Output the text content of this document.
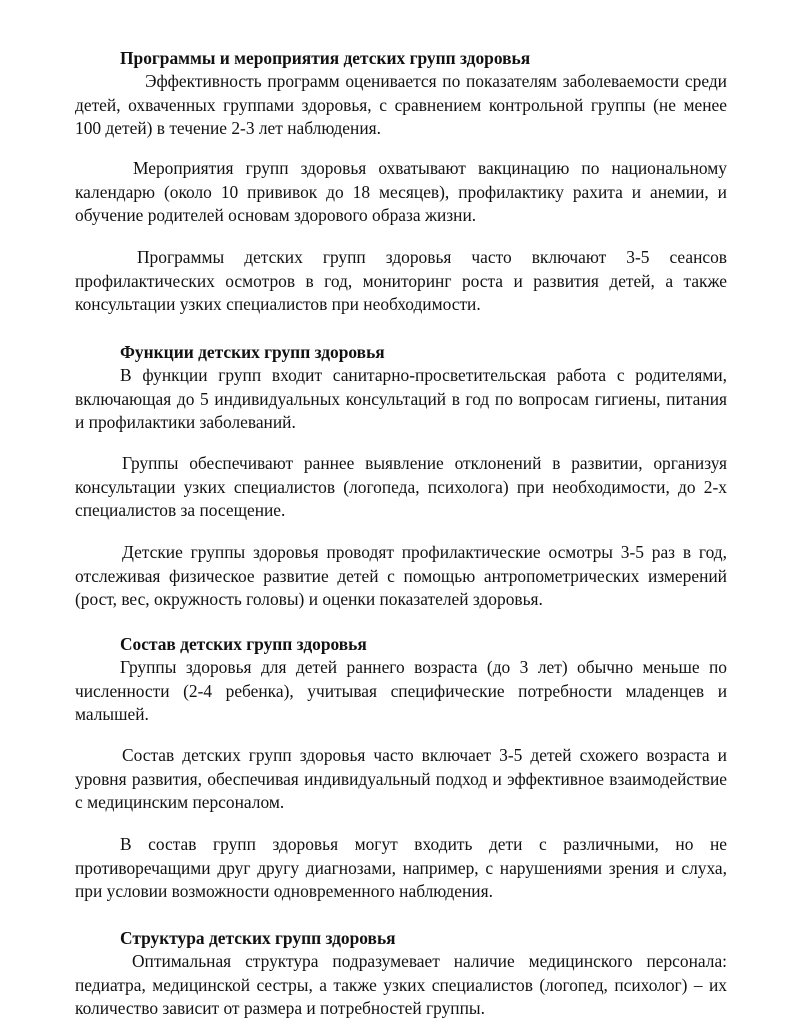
Программы и мероприятия детских групп здоровья

Эффективность программ оценивается по показателям заболеваемости среди детей, охваченных группами здоровья, с сравнением контрольной группы (не менее 100 детей) в течение 2-3 лет наблюдения.

Мероприятия групп здоровья охватывают вакцинацию по национальному календарю (около 10 прививок до 18 месяцев), профилактику рахита и анемии, и обучение родителей основам здорового образа жизни.

Программы детских групп здоровья часто включают 3-5 сеансов профилактических осмотров в год, мониторинг роста и развития детей, а также консультации узких специалистов при необходимости.

Функции детских групп здоровья

В функции групп входит санитарно-просветительская работа с родителями, включающая до 5 индивидуальных консультаций в год по вопросам гигиены, питания и профилактики заболеваний.

Группы обеспечивают раннее выявление отклонений в развитии, организуя консультации узких специалистов (логопеда, психолога) при необходимости, до 2-х специалистов за посещение.

Детские группы здоровья проводят профилактические осмотры 3-5 раз в год, отслеживая физическое развитие детей с помощью антропометрических измерений (рост, вес, окружность головы) и оценки показателей здоровья.

Состав детских групп здоровья

Группы здоровья для детей раннего возраста (до 3 лет) обычно меньше по численности (2-4 ребенка), учитывая специфические потребности младенцев и малышей.

Состав детских групп здоровья часто включает 3-5 детей схожего возраста и уровня развития, обеспечивая индивидуальный подход и эффективное взаимодействие с медицинским персоналом.

В состав групп здоровья могут входить дети с различными, но не противоречащими друг другу диагнозами, например, с нарушениями зрения и слуха, при условии возможности одновременного наблюдения.

Структура детских групп здоровья

Оптимальная структура подразумевает наличие медицинского персонала: педиатра, медицинской сестры, а также узких специалистов (логопед, психолог) – их количество зависит от размера и потребностей группы.
